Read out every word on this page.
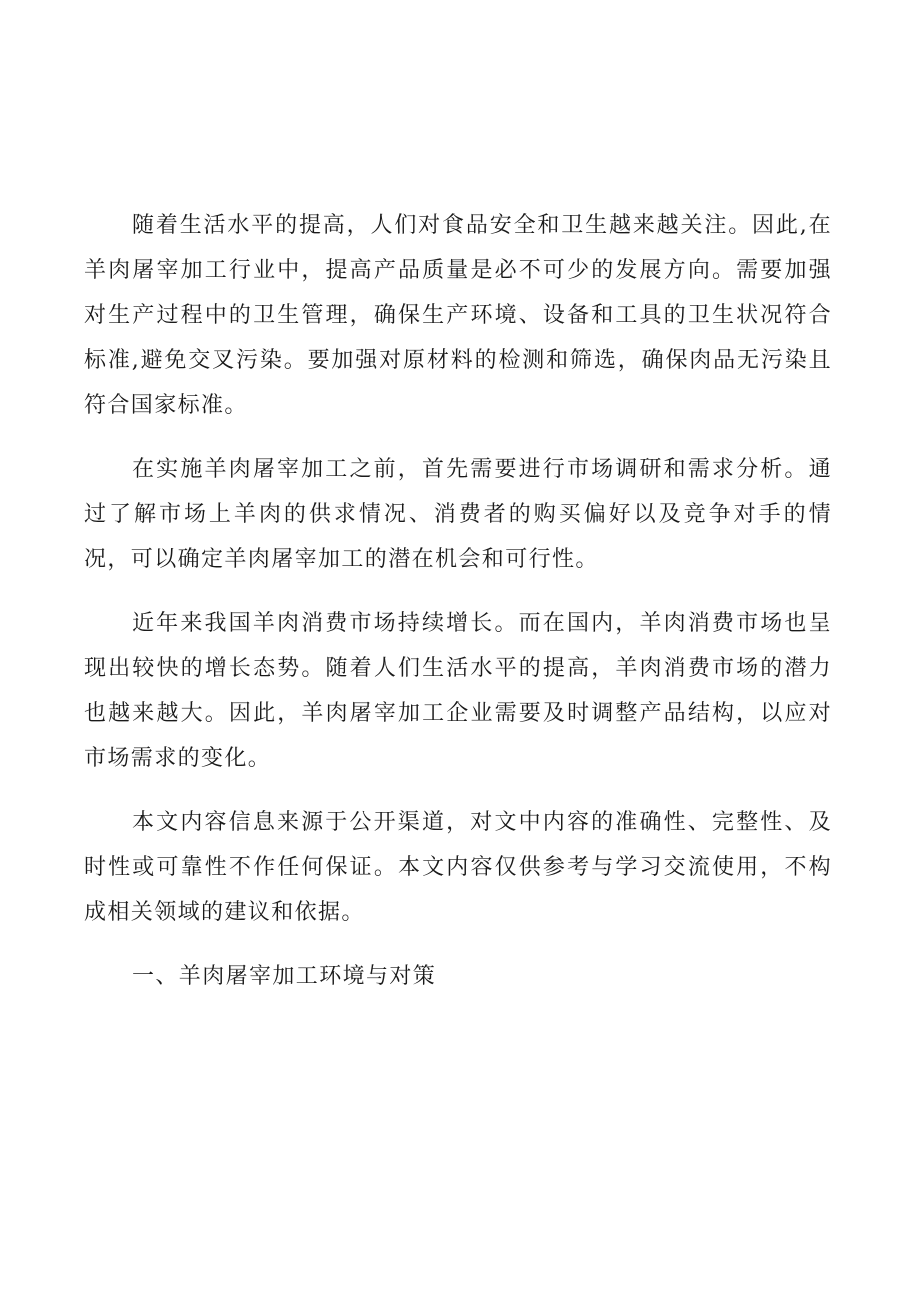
随着生活水平的提高，人们对食品安全和卫生越来越关注。因此,在羊肉屠宰加工行业中，提高产品质量是必不可少的发展方向。需要加强对生产过程中的卫生管理，确保生产环境、设备和工具的卫生状况符合标准,避免交叉污染。要加强对原材料的检测和筛选，确保肉品无污染且符合国家标准。

在实施羊肉屠宰加工之前，首先需要进行市场调研和需求分析。通过了解市场上羊肉的供求情况、消费者的购买偏好以及竞争对手的情况，可以确定羊肉屠宰加工的潜在机会和可行性。

近年来我国羊肉消费市场持续增长。而在国内，羊肉消费市场也呈现出较快的增长态势。随着人们生活水平的提高，羊肉消费市场的潜力也越来越大。因此，羊肉屠宰加工企业需要及时调整产品结构，以应对市场需求的变化。

本文内容信息来源于公开渠道，对文中内容的准确性、完整性、及时性或可靠性不作任何保证。本文内容仅供参考与学习交流使用，不构成相关领域的建议和依据。

一、羊肉屠宰加工环境与对策
